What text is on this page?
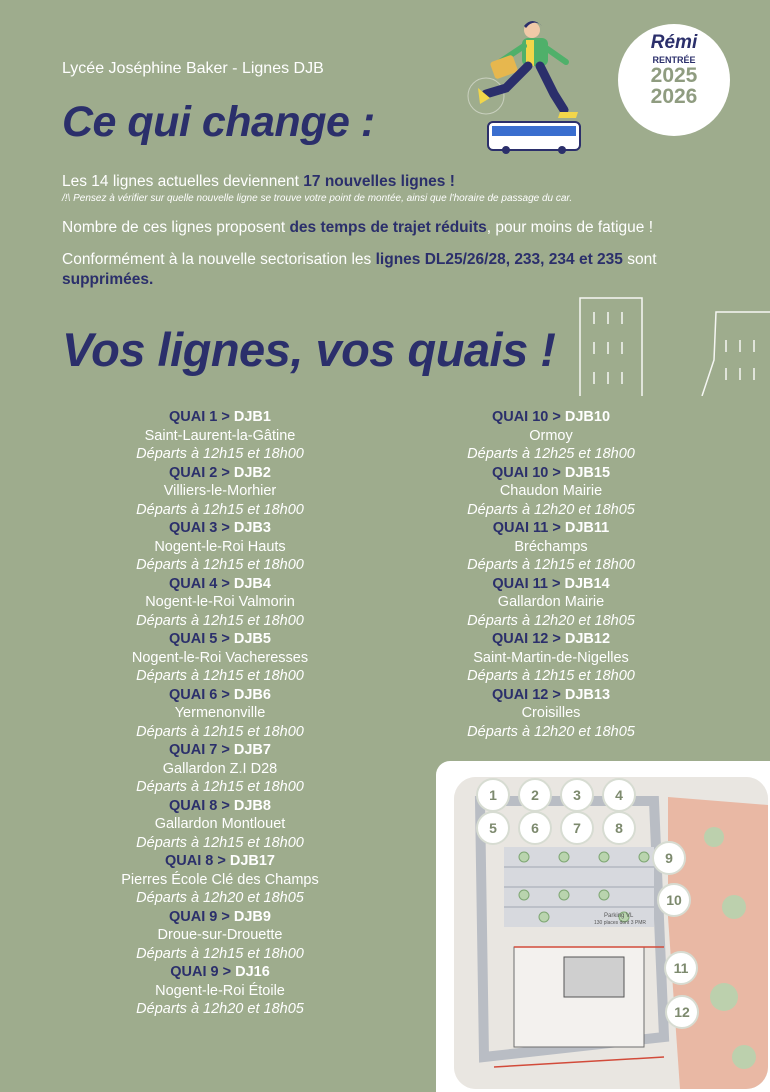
Lycée Joséphine Baker - Lignes DJB
Rémi
RENTRÉE
2025
2026
Ce qui change :

Les 14 lignes actuelles deviennent 17 nouvelles lignes !
/!\ Pensez à vérifier sur quelle nouvelle ligne se trouve votre point de montée, ainsi que l'horaire de passage du car.

Nombre de ces lignes proposent des temps de trajet réduits, pour moins de fatigue !

Conformément à la nouvelle sectorisation les lignes DL25/26/28, 233, 234 et 235 sont supprimées.

Vos lignes, vos quais !
QUAI 1 > DJB1
Saint-Laurent-la-Gâtine
Départs à 12h15 et 18h00
QUAI 2 > DJB2
Villiers-le-Morhier
Départs à 12h15 et 18h00
QUAI 3 > DJB3
Nogent-le-Roi Hauts
Départs à 12h15 et 18h00
QUAI 4 > DJB4
Nogent-le-Roi Valmorin
Départs à 12h15 et 18h00
QUAI 5 > DJB5
Nogent-le-Roi Vacheresses
Départs à 12h15 et 18h00
QUAI 6 > DJB6
Yermenonville
Départs à 12h15 et 18h00
QUAI 7 > DJB7
Gallardon Z.I D28
Départs à 12h15 et 18h00
QUAI 8 > DJB8
Gallardon Montlouet
Départs à 12h15 et 18h00
QUAI 8 > DJB17
Pierres École Clé des Champs
Départs à 12h20 et 18h05
QUAI 9 > DJB9
Droue-sur-Drouette
Départs à 12h15 et 18h00
QUAI 9 > DJ16
Nogent-le-Roi Étoile
Départs à 12h20 et 18h05
QUAI 10 > DJB10
Ormoy
Départs à 12h25 et 18h00
QUAI 10 > DJB15
Chaudon Mairie
Départs à 12h20 et 18h05
QUAI 11 > DJB11
Bréchamps
Départs à 12h15 et 18h00
QUAI 11 > DJB14
Gallardon Mairie
Départs à 12h20 et 18h05
QUAI 12 > DJB12
Saint-Martin-de-Nigelles
Départs à 12h15 et 18h00
QUAI 12 > DJB13
Croisilles
Départs à 12h20 et 18h05
Parking VL
130 places dont 3 PMR
1	2	3	4
5	6	7	8
9
10
11
12
